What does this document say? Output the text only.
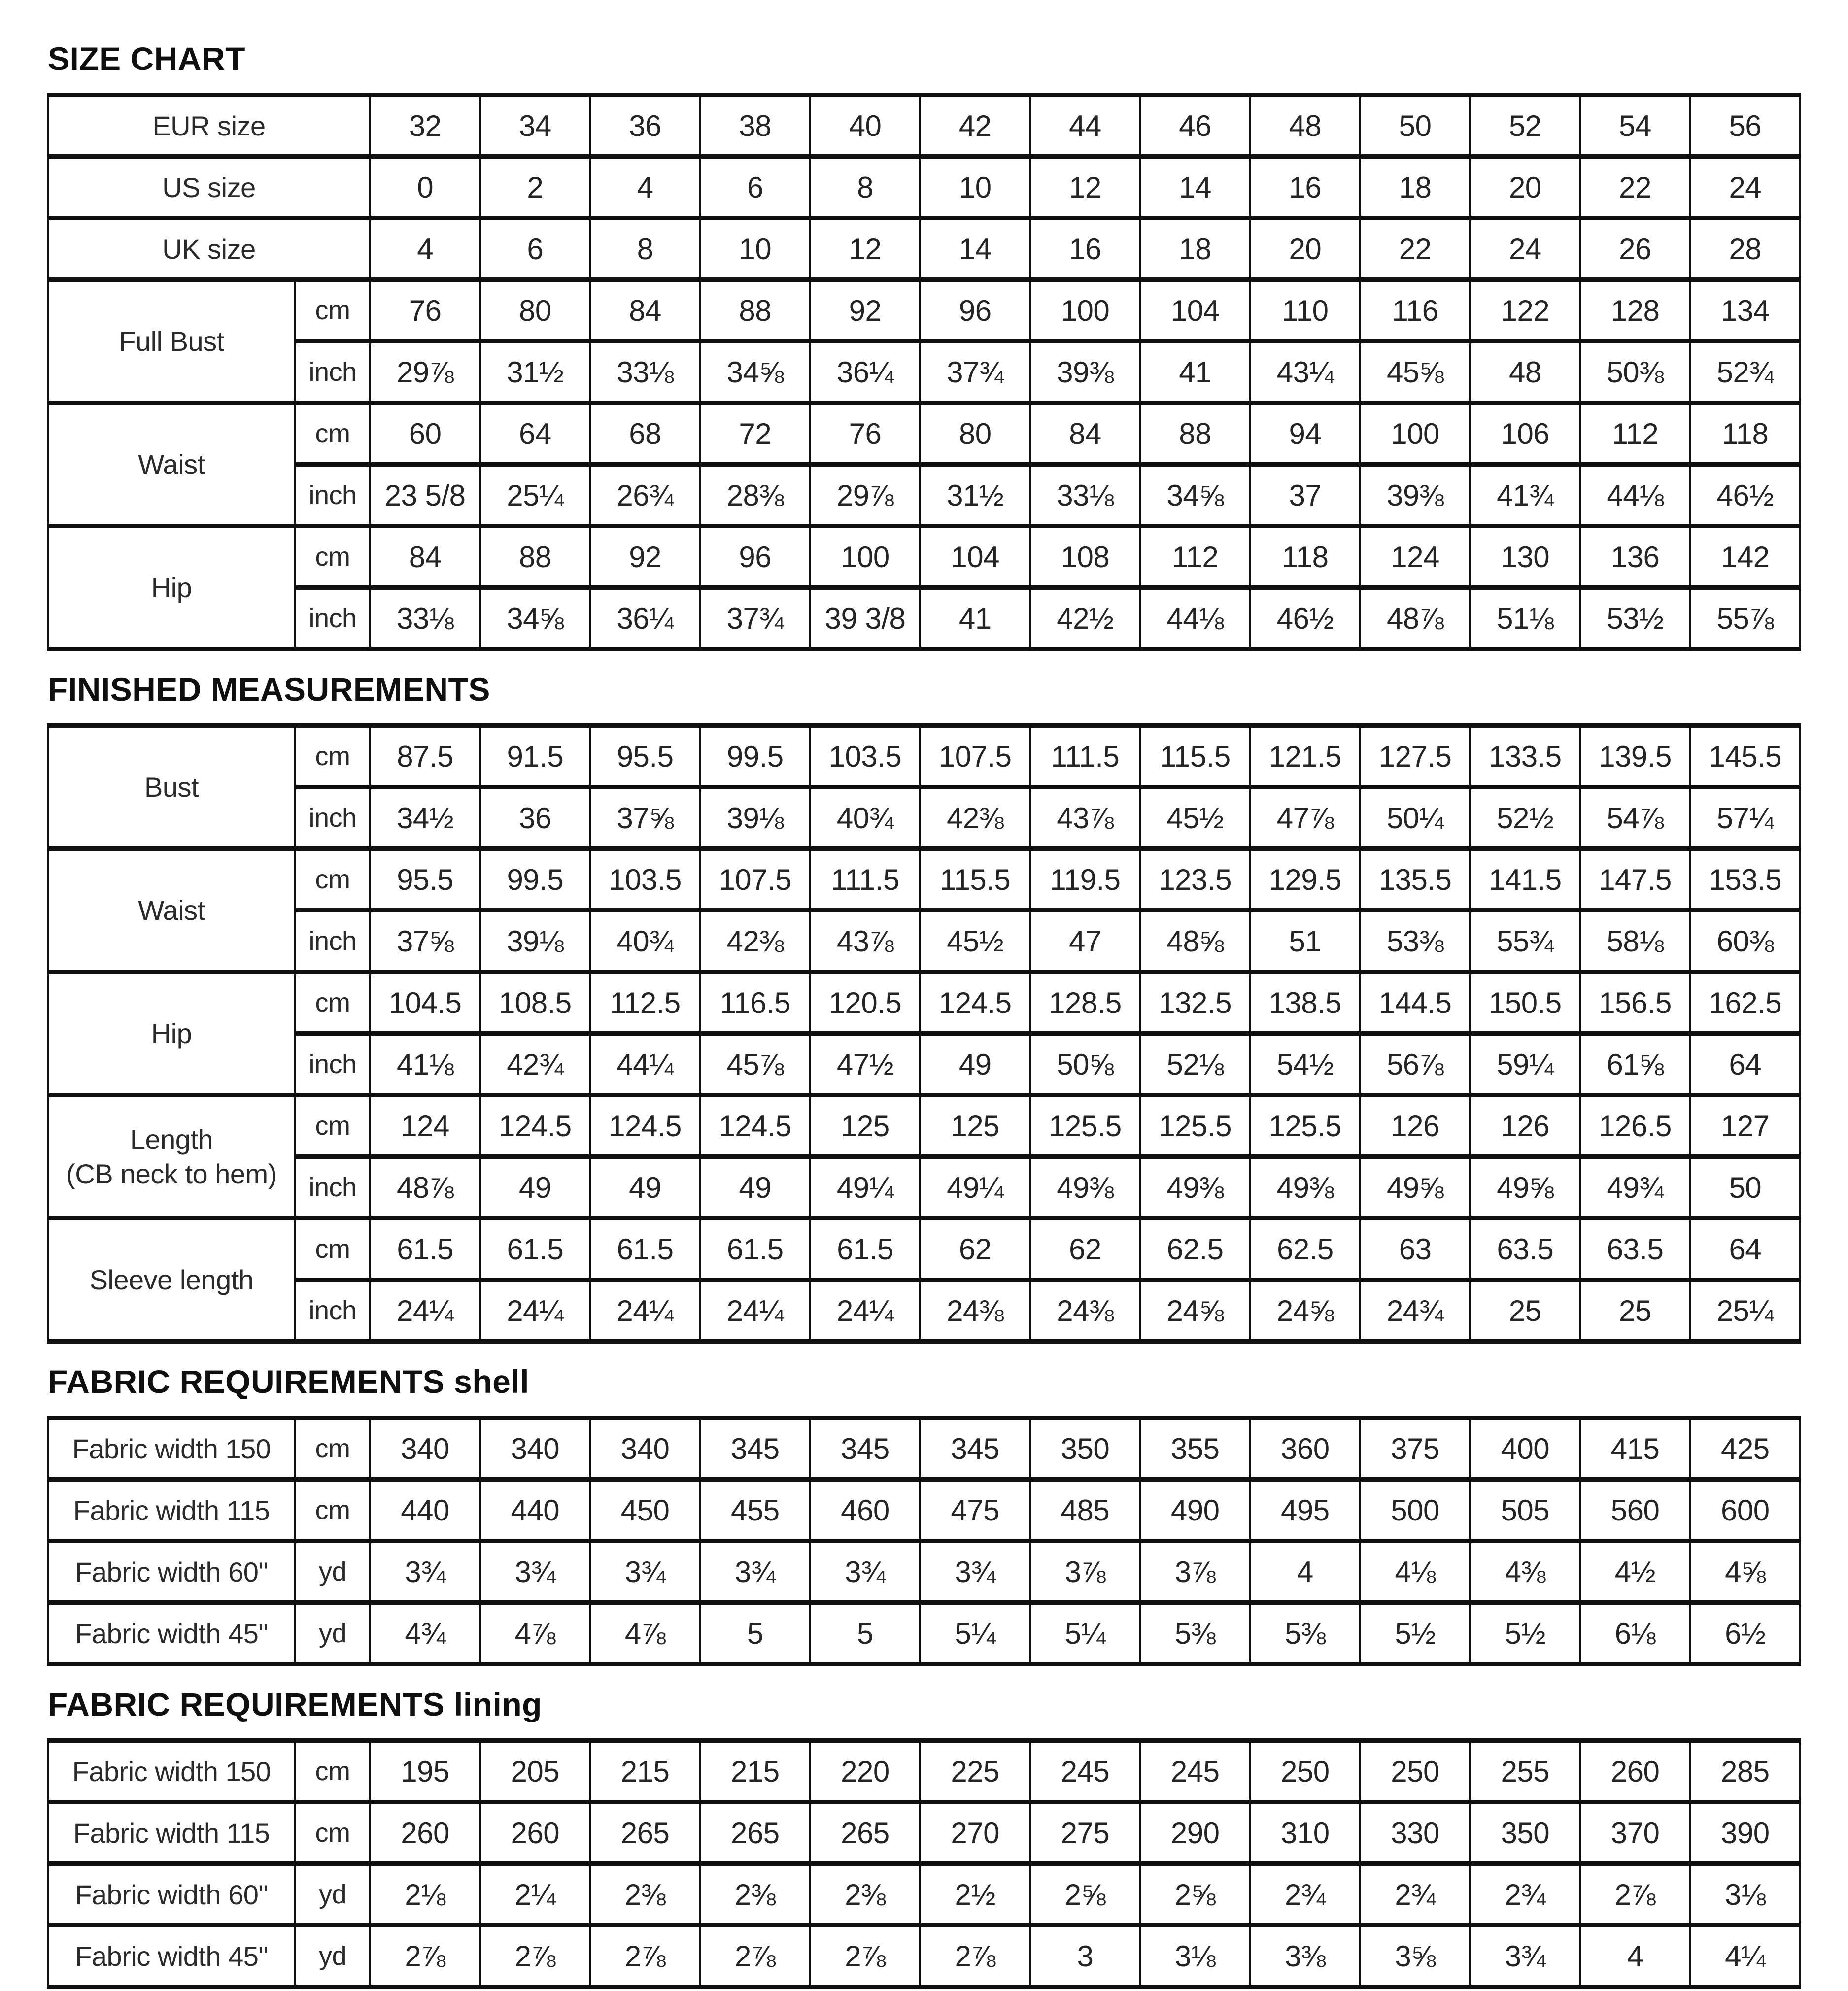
SIZE CHART
EUR size		32	34	36	38	40	42	44	46	48	50	52	54	56
US size		0	2	4	6	8	10	12	14	16	18	20	22	24
UK size		4	6	8	10	12	14	16	18	20	22	24	26	28
Full Bust	cm	76	80	84	88	92	96	100	104	110	116	122	128	134
	inch	29⅞	31½	33⅛	34⅝	36¼	37¾	39⅜	41	43¼	45⅝	48	50⅜	52¾
Waist	cm	60	64	68	72	76	80	84	88	94	100	106	112	118
	inch	23 5/8	25¼	26¾	28⅜	29⅞	31½	33⅛	34⅝	37	39⅜	41¾	44⅛	46½
Hip	cm	84	88	92	96	100	104	108	112	118	124	130	136	142
	inch	33⅛	34⅝	36¼	37¾	39 3/8	41	42½	44⅛	46½	48⅞	51⅛	53½	55⅞
FINISHED MEASUREMENTS
Bust	cm	87.5	91.5	95.5	99.5	103.5	107.5	111.5	115.5	121.5	127.5	133.5	139.5	145.5
	inch	34½	36	37⅝	39⅛	40¾	42⅜	43⅞	45½	47⅞	50¼	52½	54⅞	57¼
Waist	cm	95.5	99.5	103.5	107.5	111.5	115.5	119.5	123.5	129.5	135.5	141.5	147.5	153.5
	inch	37⅝	39⅛	40¾	42⅜	43⅞	45½	47	48⅝	51	53⅜	55¾	58⅛	60⅜
Hip	cm	104.5	108.5	112.5	116.5	120.5	124.5	128.5	132.5	138.5	144.5	150.5	156.5	162.5
	inch	41⅛	42¾	44¼	45⅞	47½	49	50⅝	52⅛	54½	56⅞	59¼	61⅝	64
Length
(CB neck to hem)	cm	124	124.5	124.5	124.5	125	125	125.5	125.5	125.5	126	126	126.5	127
	inch	48⅞	49	49	49	49¼	49¼	49⅜	49⅜	49⅜	49⅝	49⅝	49¾	50
Sleeve length	cm	61.5	61.5	61.5	61.5	61.5	62	62	62.5	62.5	63	63.5	63.5	64
	inch	24¼	24¼	24¼	24¼	24¼	24⅜	24⅜	24⅝	24⅝	24¾	25	25	25¼
FABRIC REQUIREMENTS shell
Fabric width 150	cm	340	340	340	345	345	345	350	355	360	375	400	415	425
Fabric width 115	cm	440	440	450	455	460	475	485	490	495	500	505	560	600
Fabric width 60"	yd	3¾	3¾	3¾	3¾	3¾	3¾	3⅞	3⅞	4	4⅛	4⅜	4½	4⅝
Fabric width 45"	yd	4¾	4⅞	4⅞	5	5	5¼	5¼	5⅜	5⅜	5½	5½	6⅛	6½
FABRIC REQUIREMENTS lining
Fabric width 150	cm	195	205	215	215	220	225	245	245	250	250	255	260	285
Fabric width 115	cm	260	260	265	265	265	270	275	290	310	330	350	370	390
Fabric width 60"	yd	2⅛	2¼	2⅜	2⅜	2⅜	2½	2⅝	2⅝	2¾	2¾	2¾	2⅞	3⅛
Fabric width 45"	yd	2⅞	2⅞	2⅞	2⅞	2⅞	2⅞	3	3⅛	3⅜	3⅝	3¾	4	4¼
